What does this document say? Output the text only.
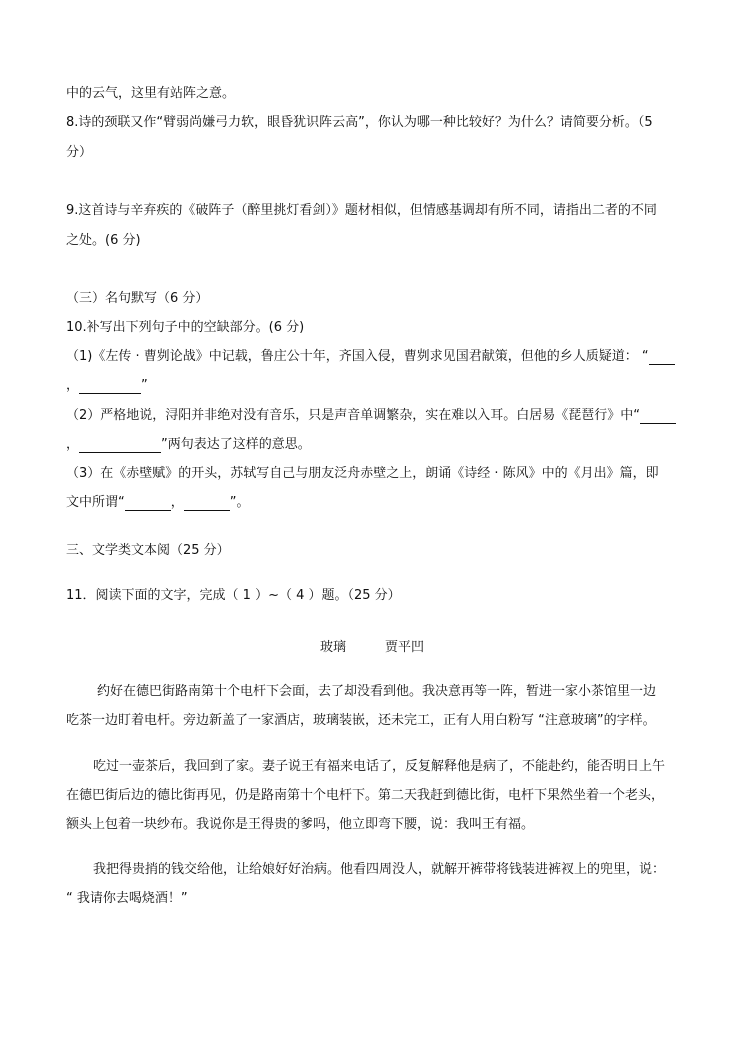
中的云气，这里有站阵之意。
8.诗的颈联又作“臂弱尚嫌弓力软，眼昏犹识阵云高”，你认为哪一种比较好？为什么？请简要分析。（5
分）
9.这首诗与辛弃疾的《破阵子（醉里挑灯看剑）》题材相似，但情感基调却有所不同，请指出二者的不同
之处。(6 分)
（三）名句默写（6 分）
10.补写出下列句子中的空缺部分。(6 分)
（1)《左传 · 曹刿论战》中记载，鲁庄公十年，齐国入侵，曹刿求见国君献策，但他的乡人质疑道： “
，	”
（2）严格地说，浔阳并非绝对没有音乐，只是声音单调繁杂，实在难以入耳。白居易《琵琶行》中“
，	”两句表达了这样的意思。
（3）在《赤壁赋》的开头，苏轼写自己与朋友泛舟赤壁之上，朗诵《诗经 · 陈风》中的《月出》篇，即
文中所谓“	，	”。
三、文学类文本阅（25 分）
11．阅读下面的文字，完成（ 1 ）~（ 4 ）题。（25 分）
玻璃	贾平凹
约好在德巴街路南第十个电杆下会面，去了却没看到他。我决意再等一阵，暂进一家小茶馆里一边
吃茶一边盯着电杆。旁边新盖了一家酒店，玻璃装嵌，还未完工，正有人用白粉写 “注意玻璃”的字样。
吃过一壶茶后，我回到了家。妻子说王有福来电话了，反复解释他是病了，不能赴约，能否明日上午
在德巴街后边的德比街再见，仍是路南第十个电杆下。第二天我赶到德比街，电杆下果然坐着一个老头，
额头上包着一块纱布。我说你是王得贵的爹吗，他立即弯下腰，说：我叫王有福。
我把得贵捎的钱交给他，让给娘好好治病。他看四周没人，就解开裤带将钱装进裤衩上的兜里，说：
“ 我请你去喝烧酒！”
